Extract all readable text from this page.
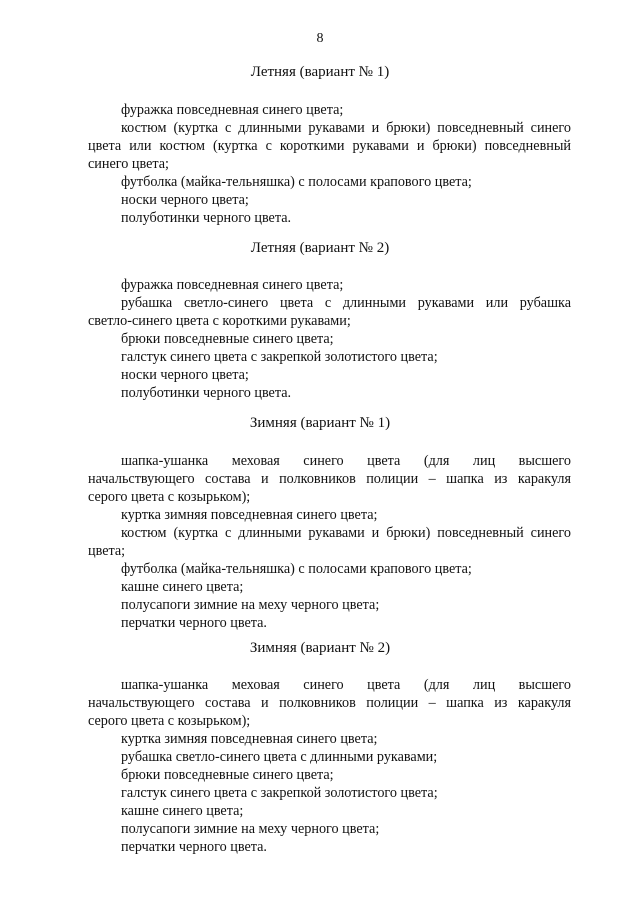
8
Летняя (вариант № 1)
фуражка повседневная синего цвета;
костюм (куртка с длинными рукавами и брюки) повседневный синего
цвета или костюм (куртка с короткими рукавами и брюки) повседневный
синего цвета;
футболка (майка-тельняшка) с полосами крапового цвета;
носки черного цвета;
полуботинки черного цвета.
Летняя (вариант № 2)
фуражка повседневная синего цвета;
рубашка светло-синего цвета с длинными рукавами или рубашка
светло-синего цвета с короткими рукавами;
брюки повседневные синего цвета;
галстук синего цвета с закрепкой золотистого цвета;
носки черного цвета;
полуботинки черного цвета.
Зимняя (вариант № 1)
шапка-ушанка меховая синего цвета (для лиц высшего
начальствующего состава и полковников полиции – шапка из каракуля
серого цвета с козырьком);
куртка зимняя повседневная синего цвета;
костюм (куртка с длинными рукавами и брюки) повседневный синего
цвета;
футболка (майка-тельняшка) с полосами крапового цвета;
кашне синего цвета;
полусапоги зимние на меху черного цвета;
перчатки черного цвета.
Зимняя (вариант № 2)
шапка-ушанка меховая синего цвета (для лиц высшего
начальствующего состава и полковников полиции – шапка из каракуля
серого цвета с козырьком);
куртка зимняя повседневная синего цвета;
рубашка светло-синего цвета с длинными рукавами;
брюки повседневные синего цвета;
галстук синего цвета с закрепкой золотистого цвета;
кашне синего цвета;
полусапоги зимние на меху черного цвета;
перчатки черного цвета.
